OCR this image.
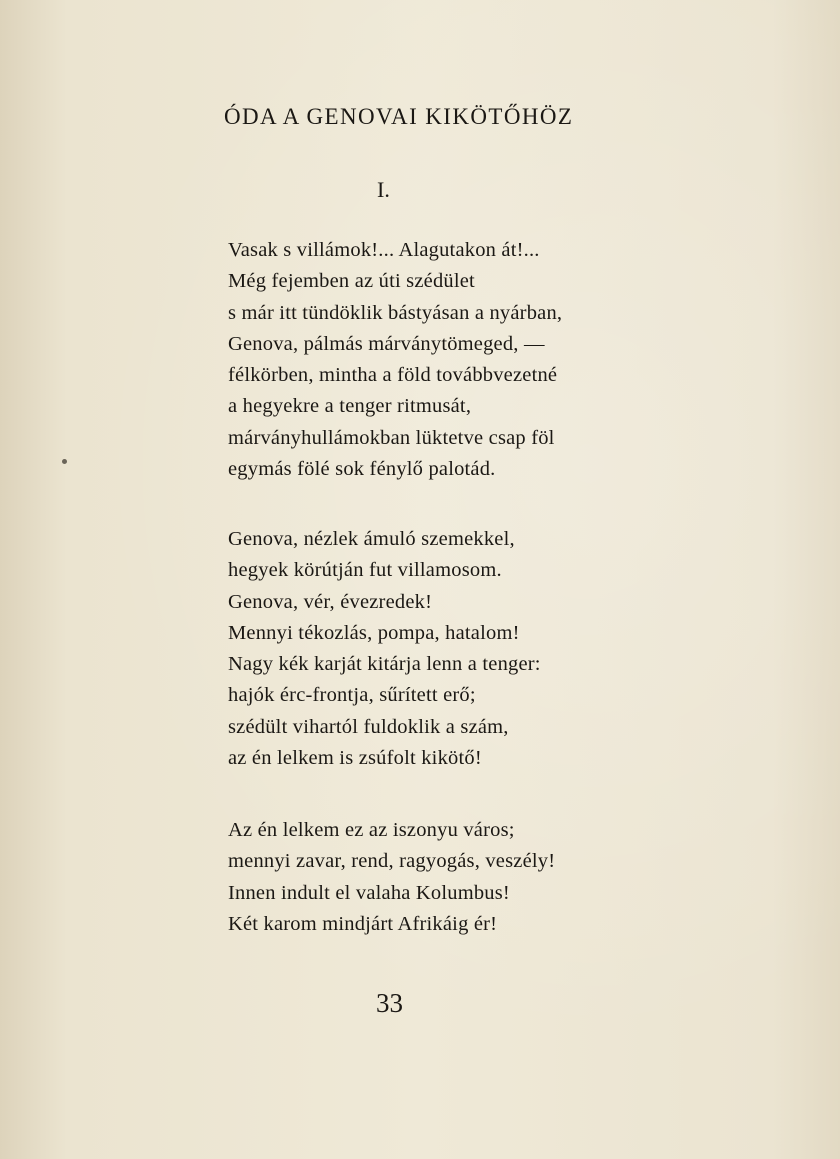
ÓDA A GENOVAI KIKÖTŐHÖZ
I.
Vasak s villámok!... Alagutakon át!...
Még fejemben az úti szédület
s már itt tündöklik bástyásan a nyárban,
Genova, pálmás márványtömeged, —
félkörben, mintha a föld továbbvezetné
a hegyekre a tenger ritmusát,
márványhullámokban lüktetve csap föl
egymás fölé sok fénylő palotád.
Genova, nézlek ámuló szemekkel,
hegyek körútján fut villamosom.
Genova, vér, évezredek!
Mennyi tékozlás, pompa, hatalom!
Nagy kék karját kitárja lenn a tenger:
hajók érc-frontja, sűrített erő;
szédült vihartól fuldoklik a szám,
az én lelkem is zsúfolt kikötő!
Az én lelkem ez az iszonyu város;
mennyi zavar, rend, ragyogás, veszély!
Innen indult el valaha Kolumbus!
Két karom mindjárt Afrikáig ér!
33
